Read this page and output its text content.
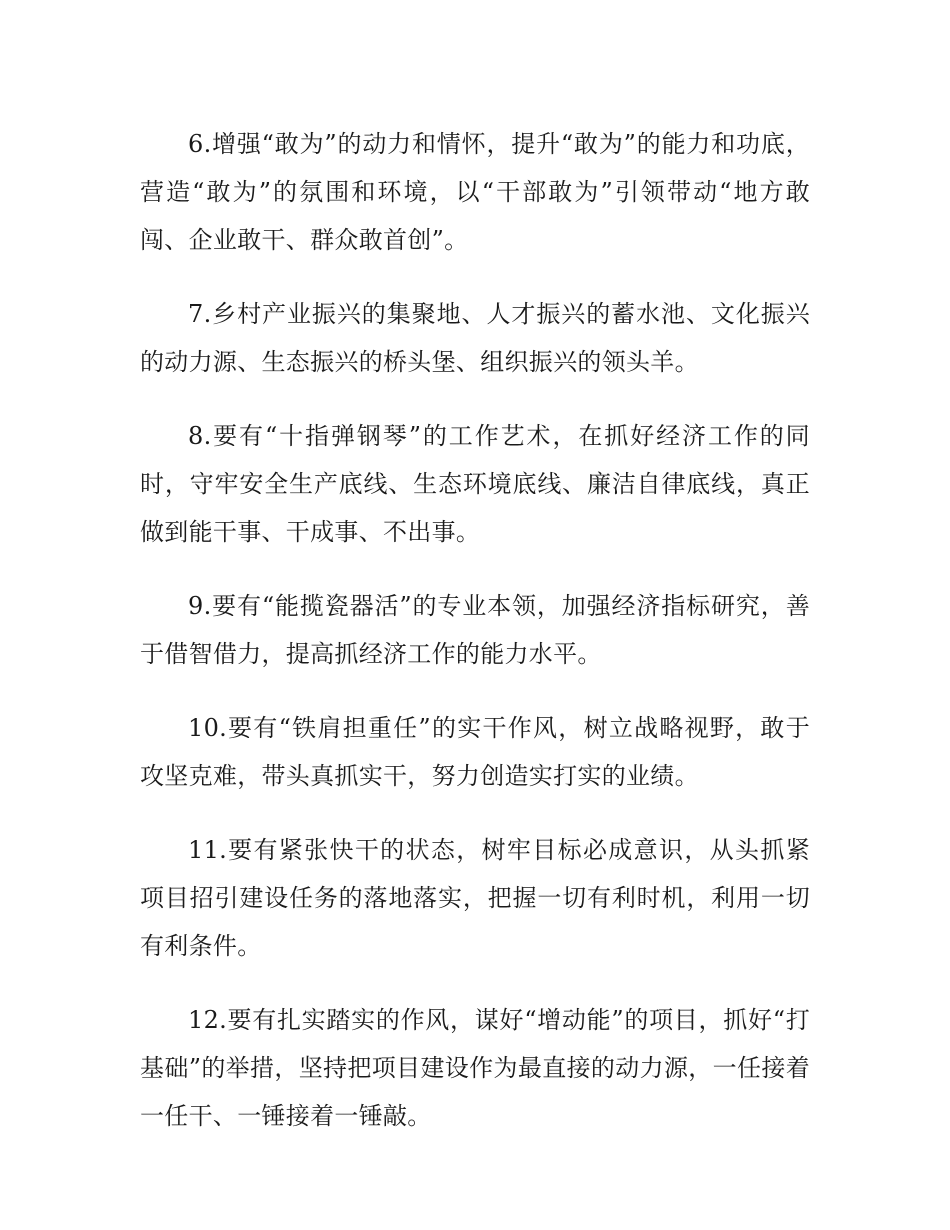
6.增强“敢为”的动力和情怀，提升“敢为”的能力和功底，营造“敢为”的氛围和环境，以“干部敢为”引领带动“地方敢闯、企业敢干、群众敢首创”。

7.乡村产业振兴的集聚地、人才振兴的蓄水池、文化振兴的动力源、生态振兴的桥头堡、组织振兴的领头羊。

8.要有“十指弹钢琴”的工作艺术，在抓好经济工作的同时，守牢安全生产底线、生态环境底线、廉洁自律底线，真正做到能干事、干成事、不出事。

9.要有“能揽瓷器活”的专业本领，加强经济指标研究，善于借智借力，提高抓经济工作的能力水平。

10.要有“铁肩担重任”的实干作风，树立战略视野，敢于攻坚克难，带头真抓实干，努力创造实打实的业绩。

11.要有紧张快干的状态，树牢目标必成意识，从头抓紧项目招引建设任务的落地落实，把握一切有利时机，利用一切有利条件。

12.要有扎实踏实的作风，谋好“增动能”的项目，抓好“打基础”的举措，坚持把项目建设作为最直接的动力源，一任接着一任干、一锤接着一锤敲。
